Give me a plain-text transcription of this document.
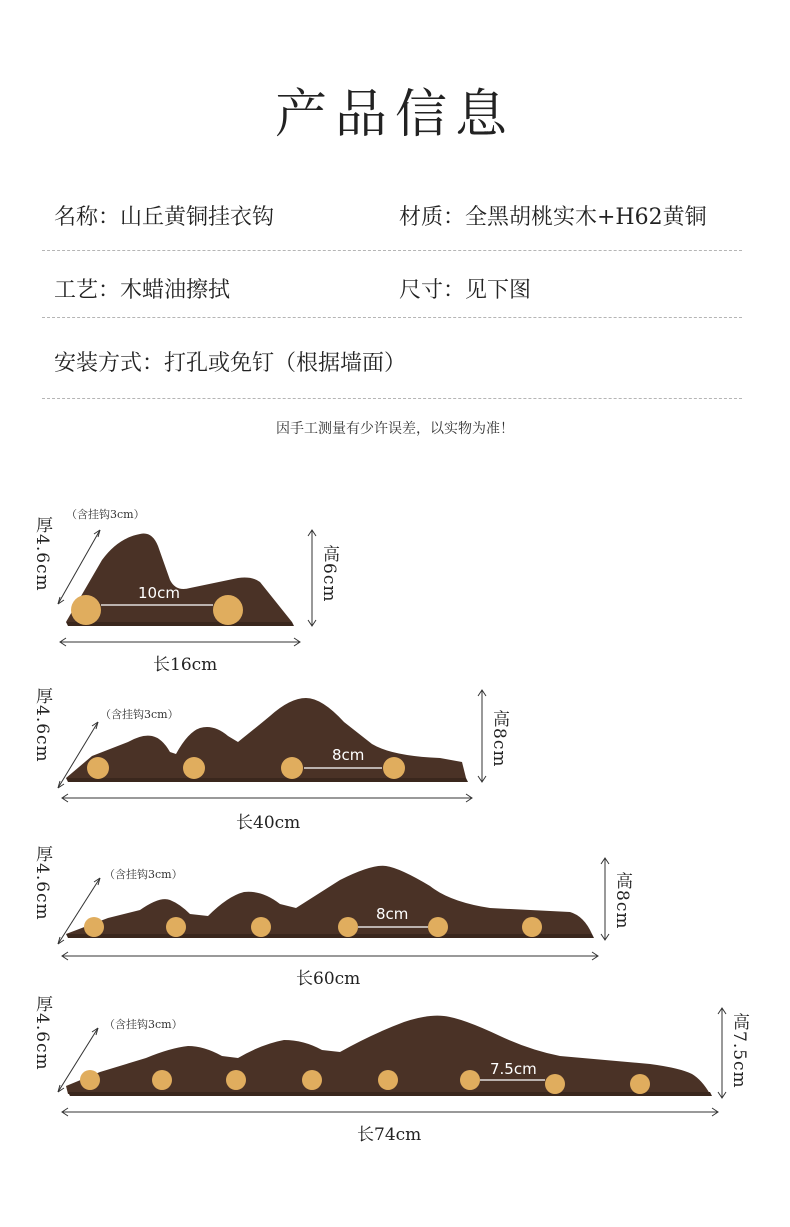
产品信息
名称：山丘黄铜挂衣钩	材质：全黑胡桃实木+H62黄铜
工艺：木蜡油擦拭	尺寸：见下图
安装方式：打孔或免钉（根据墙面）
因手工测量有少许误差，以实物为准！
厚4.6cm
（含挂钩3cm）
高6cm
长16cm
10cm
厚4.6cm	（含挂钩3cm）	高8cm
长40cm
8cm
厚4.6cm	（含挂钩3cm）	高8cm
长60cm
8cm
厚4.6cm	（含挂钩3cm）	高7.5cm
长74cm
7.5cm
